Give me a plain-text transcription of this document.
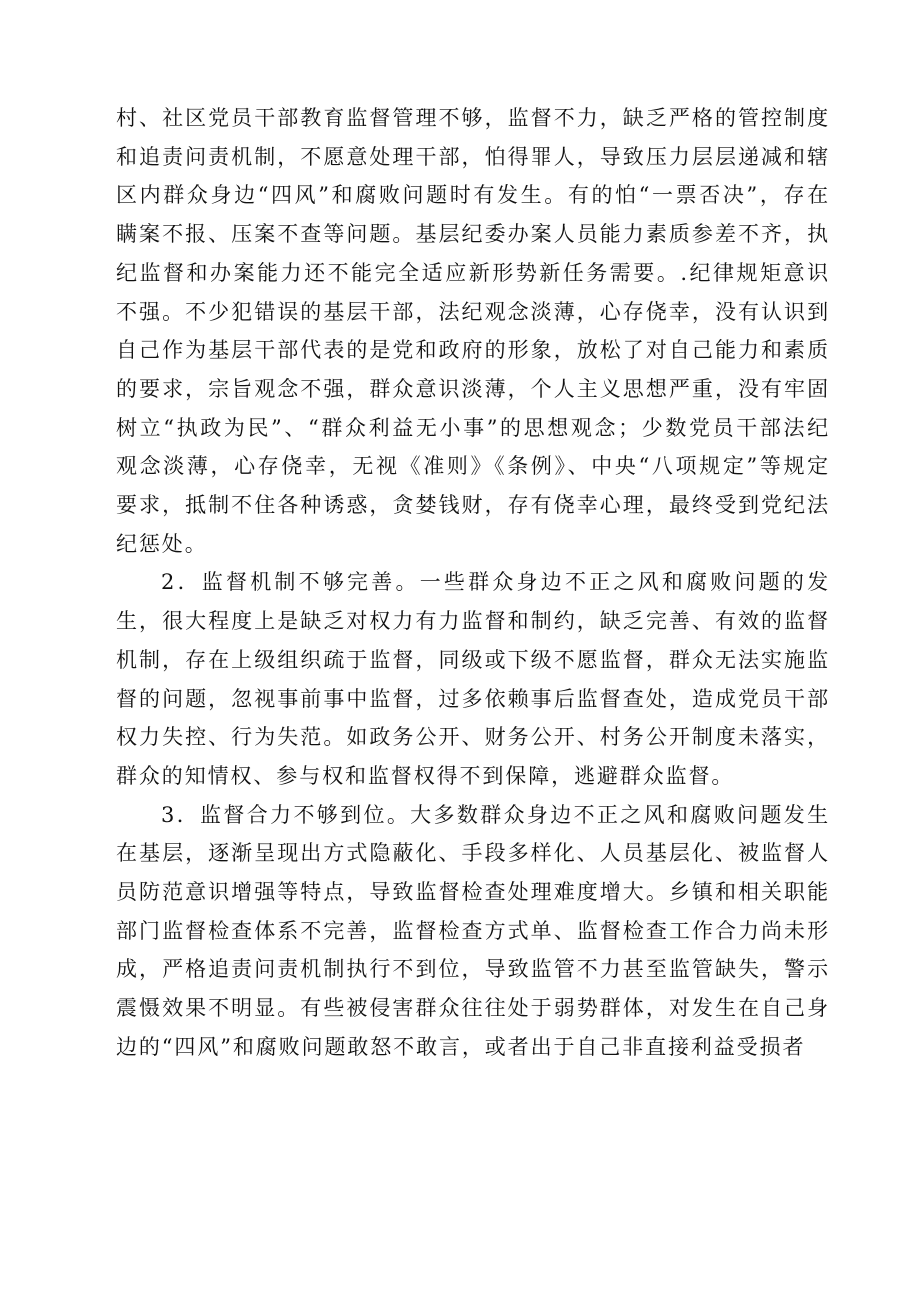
村、社区党员干部教育监督管理不够，监督不力，缺乏严格的管控制度和追责问责机制，不愿意处理干部，怕得罪人，导致压力层层递减和辖区内群众身边“四风”和腐败问题时有发生。有的怕“一票否决”，存在瞒案不报、压案不查等问题。基层纪委办案人员能力素质参差不齐，执纪监督和办案能力还不能完全适应新形势新任务需要。.纪律规矩意识不强。不少犯错误的基层干部，法纪观念淡薄，心存侥幸，没有认识到自己作为基层干部代表的是党和政府的形象，放松了对自己能力和素质的要求，宗旨观念不强，群众意识淡薄，个人主义思想严重，没有牢固树立“执政为民”、“群众利益无小事”的思想观念；少数党员干部法纪观念淡薄，心存侥幸，无视《准则》《条例》、中央“八项规定”等规定要求，抵制不住各种诱惑，贪婪钱财，存有侥幸心理，最终受到党纪法纪惩处。

2．监督机制不够完善。一些群众身边不正之风和腐败问题的发生，很大程度上是缺乏对权力有力监督和制约，缺乏完善、有效的监督机制，存在上级组织疏于监督，同级或下级不愿监督，群众无法实施监督的问题，忽视事前事中监督，过多依赖事后监督查处，造成党员干部权力失控、行为失范。如政务公开、财务公开、村务公开制度未落实，群众的知情权、参与权和监督权得不到保障，逃避群众监督。

3．监督合力不够到位。大多数群众身边不正之风和腐败问题发生在基层，逐渐呈现出方式隐蔽化、手段多样化、人员基层化、被监督人员防范意识增强等特点，导致监督检查处理难度增大。乡镇和相关职能部门监督检查体系不完善，监督检查方式单、监督检查工作合力尚未形成，严格追责问责机制执行不到位，导致监管不力甚至监管缺失，警示震慑效果不明显。有些被侵害群众往往处于弱势群体，对发生在自己身边的“四风”和腐败问题敢怒不敢言，或者出于自己非直接利益受损者
